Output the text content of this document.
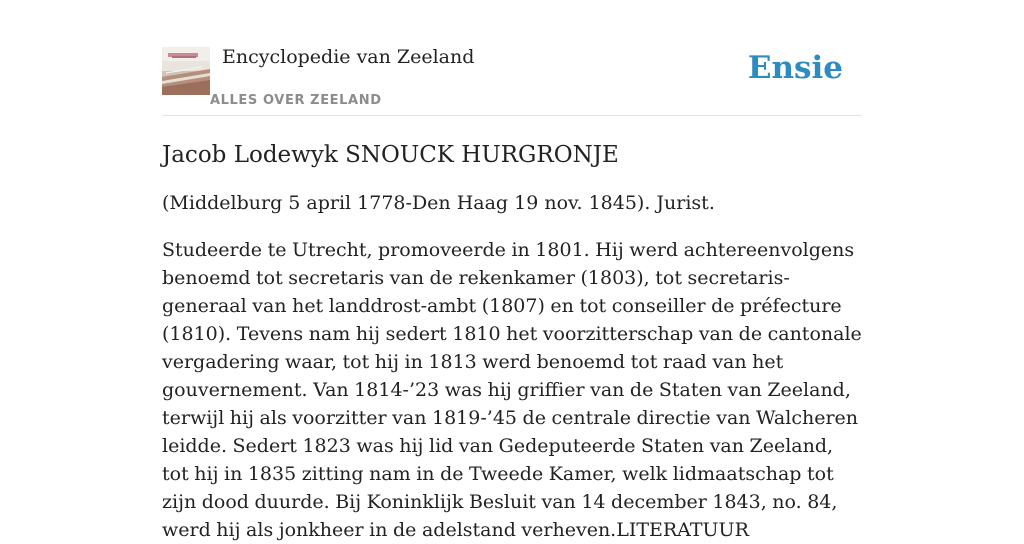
Encyclopedie van Zeeland
ALLES OVER ZEELAND
Ensie
Jacob Lodewyk SNOUCK HURGRONJE

(Middelburg 5 april 1778-Den Haag 19 nov. 1845). Jurist.

Studeerde te Utrecht, promoveerde in 1801. Hij werd achtereenvolgens benoemd tot secretaris van de rekenkamer (1803), tot secretaris-generaal van het landdrost-ambt (1807) en tot conseiller de préfecture (1810). Tevens nam hij sedert 1810 het voorzitterschap van de cantonale vergadering waar, tot hij in 1813 werd benoemd tot raad van het gouvernement. Van 1814-’23 was hij griffier van de Staten van Zeeland, terwijl hij als voorzitter van 1819-’45 de centrale directie van Walcheren leidde. Sedert 1823 was hij lid van Gedeputeerde Staten van Zeeland, tot hij in 1835 zitting nam in de Tweede Kamer, welk lidmaatschap tot zijn dood duurde. Bij Koninklijk Besluit van 14 december 1843, no. 84, werd hij als jonkheer in de adelstand verheven.LITERATUUR
